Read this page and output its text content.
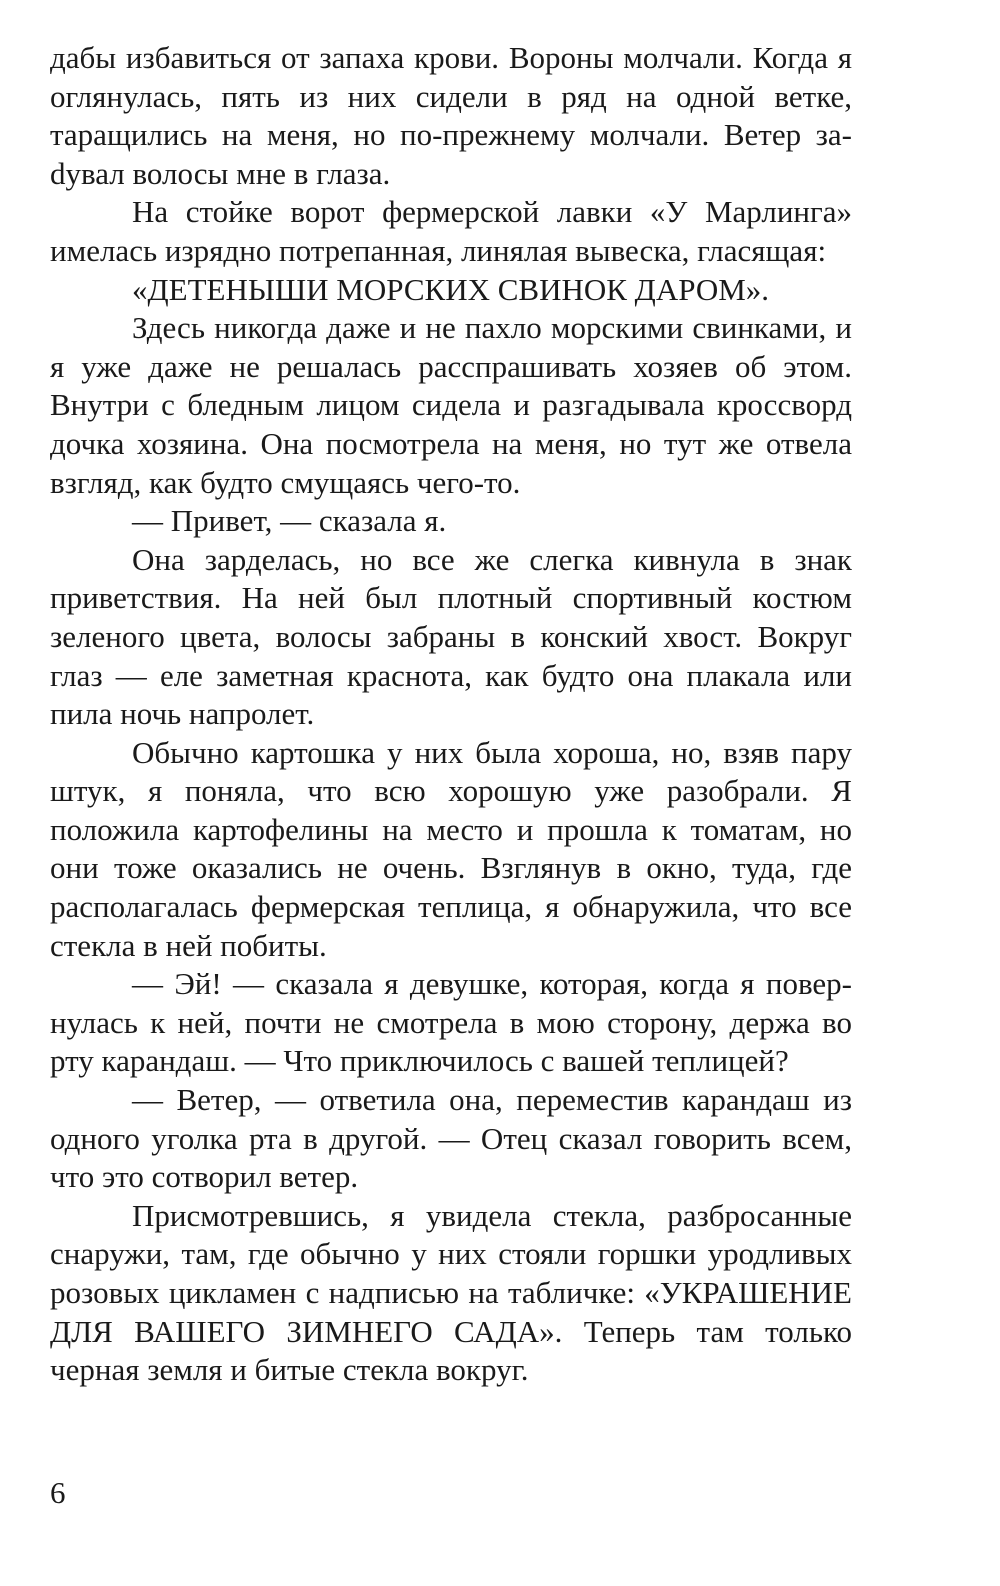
дабы избавиться от запаха крови. Вороны молчали. Когда я оглянулась, пять из них сидели в ряд на одной ветке, таращились на меня, но по-прежнему молчали. Ветер заdувал волосы мне в глаза.

На стойке ворот фермерской лавки «У Марлинга» имелась изрядно потрепанная, линялая вывеска, гласящая:

«ДЕТЕНЫШИ МОРСКИХ СВИНОК ДАРОМ».

Здесь никогда даже и не пахло морскими свинками, и я уже даже не решалась расспрашивать хозяев об этом. Внутри с бледным лицом сидела и разгадывала кроссворд дочка хозяина. Она посмотрела на меня, но тут же отвела взгляд, как будто смущаясь чего-то.

— Привет, — сказала я.

Она зарделась, но все же слегка кивнула в знак приветствия. На ней был плотный спортивный костюм зеленого цвета, волосы забраны в конский хвост. Вокруг глаз — еле заметная краснота, как будто она плакала или пила ночь напролет.

Обычно картошка у них была хороша, но, взяв пару штук, я поняла, что всю хорошую уже разобрали. Я положила картофелины на место и прошла к томатам, но они тоже оказались не очень. Взглянув в окно, туда, где располагалась фермерская теплица, я обнаружила, что все стекла в ней побиты.

— Эй! — сказала я девушке, которая, когда я повернулась к ней, почти не смотрела в мою сторону, держа во рту карандаш. — Что приключилось с вашей теплицей?

— Ветер, — ответила она, переместив карандаш из одного уголка рта в другой. — Отец сказал говорить всем, что это сотворил ветер.

Присмотревшись, я увидела стекла, разбросанные снаружи, там, где обычно у них стояли горшки уродливых розовых цикламен с надписью на табличке: «УКРАШЕНИЕ ДЛЯ ВАШЕГО ЗИМНЕГО САДА». Теперь там только черная земля и битые стекла вокруг.

6
